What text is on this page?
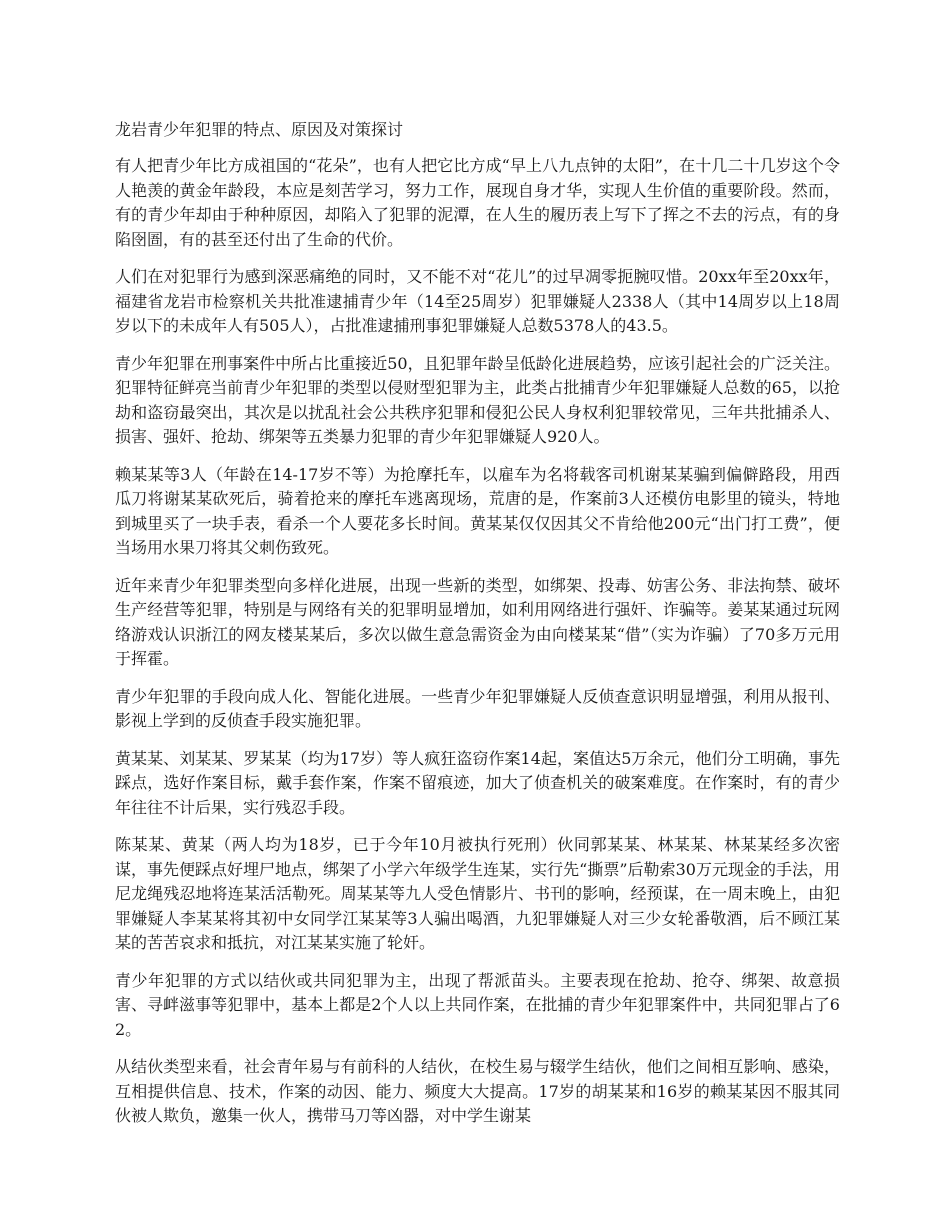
龙岩青少年犯罪的特点、原因及对策探讨

有人把青少年比方成祖国的“花朵”，也有人把它比方成“早上八九点钟的太阳”，在十几二十几岁这个令人艳羡的黄金年龄段，本应是刻苦学习，努力工作，展现自身才华，实现人生价值的重要阶段。然而，有的青少年却由于种种原因，却陷入了犯罪的泥潭，在人生的履历表上写下了挥之不去的污点，有的身陷囹圄，有的甚至还付出了生命的代价。

人们在对犯罪行为感到深恶痛绝的同时，又不能不对“花儿”的过早凋零扼腕叹惜。20xx年至20xx年，福建省龙岩市检察机关共批准逮捕青少年（14至25周岁）犯罪嫌疑人2338人（其中14周岁以上18周岁以下的未成年人有505人），占批准逮捕刑事犯罪嫌疑人总数5378人的43.5。

青少年犯罪在刑事案件中所占比重接近50，且犯罪年龄呈低龄化进展趋势，应该引起社会的广泛关注。犯罪特征鲜亮当前青少年犯罪的类型以侵财型犯罪为主，此类占批捕青少年犯罪嫌疑人总数的65，以抢劫和盗窃最突出，其次是以扰乱社会公共秩序犯罪和侵犯公民人身权利犯罪较常见，三年共批捕杀人、损害、强奸、抢劫、绑架等五类暴力犯罪的青少年犯罪嫌疑人920人。

赖某某等3人（年龄在14-17岁不等）为抢摩托车，以雇车为名将载客司机谢某某骗到偏僻路段，用西瓜刀将谢某某砍死后，骑着抢来的摩托车逃离现场，荒唐的是，作案前3人还模仿电影里的镜头，特地到城里买了一块手表，看杀一个人要花多长时间。黄某某仅仅因其父不肯给他200元“出门打工费”，便当场用水果刀将其父刺伤致死。

近年来青少年犯罪类型向多样化进展，出现一些新的类型，如绑架、投毒、妨害公务、非法拘禁、破坏生产经营等犯罪，特别是与网络有关的犯罪明显增加，如利用网络进行强奸、诈骗等。姜某某通过玩网络游戏认识浙江的网友楼某某后，多次以做生意急需资金为由向楼某某“借”（实为诈骗）了70多万元用于挥霍。

青少年犯罪的手段向成人化、智能化进展。一些青少年犯罪嫌疑人反侦查意识明显增强，利用从报刊、影视上学到的反侦查手段实施犯罪。

黄某某、刘某某、罗某某（均为17岁）等人疯狂盗窃作案14起，案值达5万余元，他们分工明确，事先踩点，选好作案目标，戴手套作案，作案不留痕迹，加大了侦查机关的破案难度。在作案时，有的青少年往往不计后果，实行残忍手段。

陈某某、黄某（两人均为18岁，已于今年10月被执行死刑）伙同郭某某、林某某、林某某经多次密谋，事先便踩点好埋尸地点，绑架了小学六年级学生连某，实行先“撕票”后勒索30万元现金的手法，用尼龙绳残忍地将连某活活勒死。周某某等九人受色情影片、书刊的影响，经预谋，在一周末晚上，由犯罪嫌疑人李某某将其初中女同学江某某等3人骗出喝酒，九犯罪嫌疑人对三少女轮番敬酒，后不顾江某某的苦苦哀求和抵抗，对江某某实施了轮奸。

青少年犯罪的方式以结伙或共同犯罪为主，出现了帮派苗头。主要表现在抢劫、抢夺、绑架、故意损害、寻衅滋事等犯罪中，基本上都是2个人以上共同作案，在批捕的青少年犯罪案件中，共同犯罪占了62。

从结伙类型来看，社会青年易与有前科的人结伙，在校生易与辍学生结伙，他们之间相互影响、感染，互相提供信息、技术，作案的动因、能力、频度大大提高。17岁的胡某某和16岁的赖某某因不服其同伙被人欺负，邀集一伙人，携带马刀等凶器，对中学生谢某
